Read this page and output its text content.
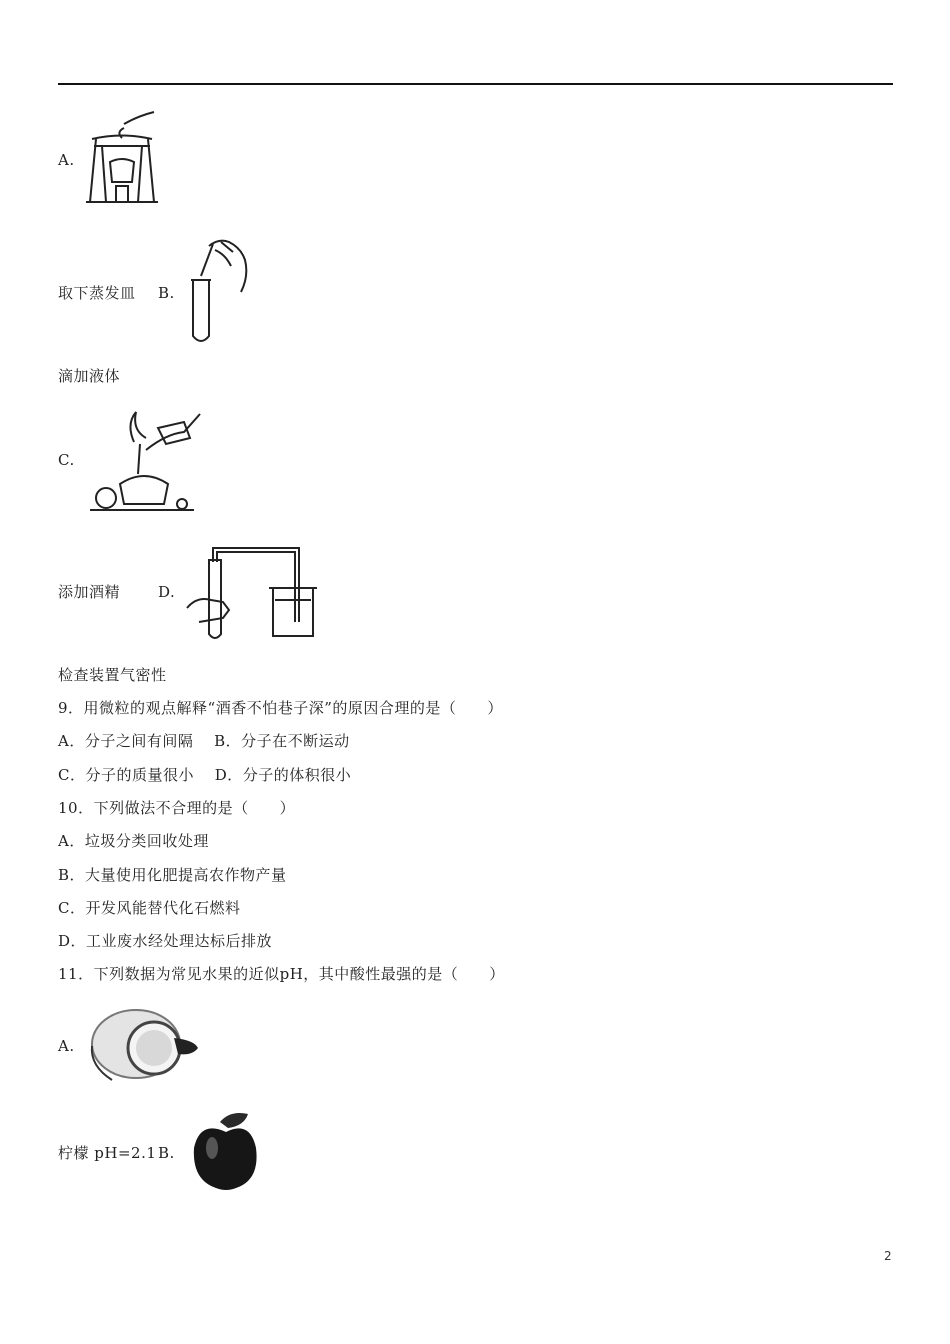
A.
取下蒸发皿 B.
滴加液体
C.
添加酒精	D.
检查装置气密性
9．用微粒的观点解释“酒香不怕巷子深”的原因合理的是（　　）
A．分子之间有间隔　 B．分子在不断运动
C．分子的质量很小　 D．分子的体积很小
10．下列做法不合理的是（　　）
A．垃圾分类回收处理
B．大量使用化肥提高农作物产量
C．开发风能替代化石燃料
D．工业废水经处理达标后排放
11．下列数据为常见水果的近似pH，其中酸性最强的是（　　）
A.
柠檬 pH=2.1 B.
2
